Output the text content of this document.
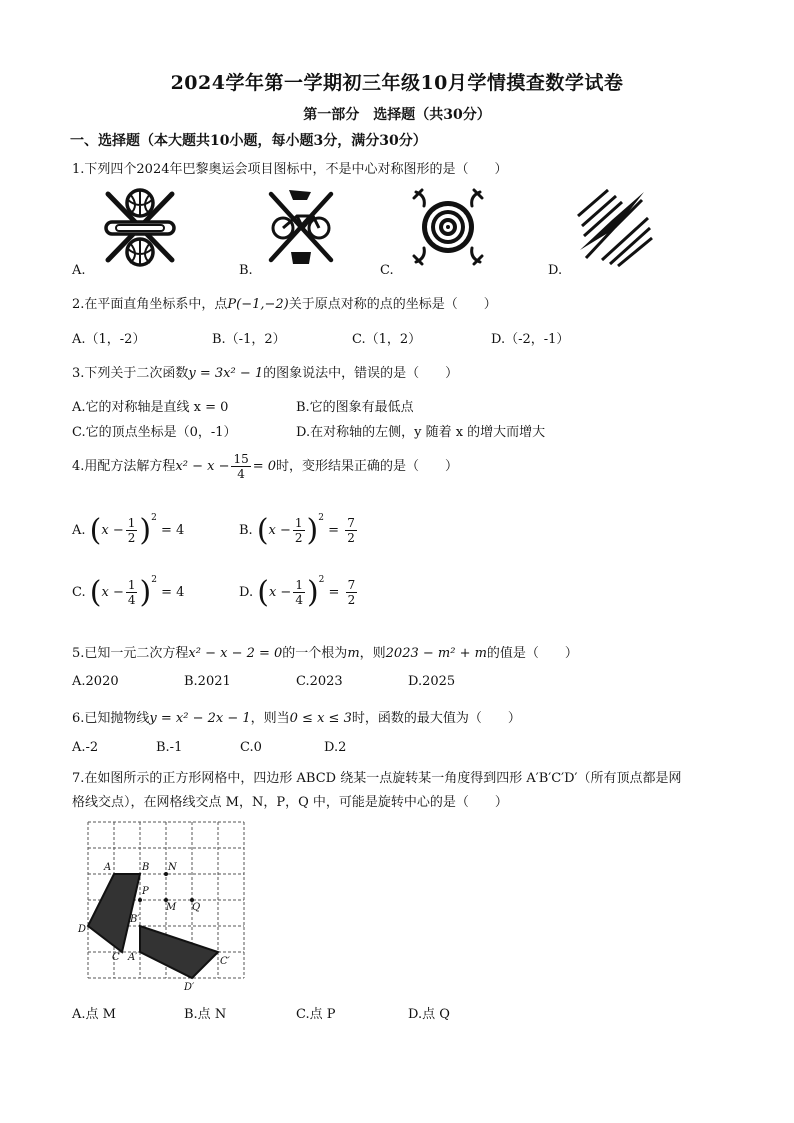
2024学年第一学期初三年级10月学情摸查数学试卷
第一部分　选择题（共30分）
一、选择题（本大题共10小题，每小题3分，满分30分）
1.下列四个2024年巴黎奥运会项目图标中，不是中心对称图形的是（　　）
A.	B.	C.	D.
2.在平面直角坐标系中，点P(−1,−2)关于原点对称的点的坐标是（　　）
A.（1，-2）	B.（-1，2）	C.（1，2）	D.（-2，-1）
3.下列关于二次函数y = 3x² − 1的图象说法中，错误的是（　　）
A.它的对称轴是直线 x = 0	B.它的图象有最低点
C.它的顶点坐标是（0，-1）	D.在对称轴的左侧，y 随着 x 的增大而增大
4.用配方法解方程$x^2 - x - \frac{15}{4} = 0$时，变形结果正确的是（　　）
A. $(x - \frac{1}{2} )^2 = 4$	B. $(x - \frac{1}{2} )^2 = \frac{7}{2}$
C. $(x - \frac{1}{4} )^2 = 4$	D. $(x - \frac{1}{4} )^2 = \frac{7}{2}$
5.已知一元二次方程x² − x − 2 = 0的一个根为m，则2023 − m² + m的值是（　　）
A.2020	B.2021	C.2023	D.2025
6.已知抛物线y = x² − 2x − 1，则当0 ≤ x ≤ 3时，函数的最大值为（　　）
A.-2	B.-1	C.0	D.2
7.在如图所示的正方形网格中，四边形 ABCD 绕某一点旋转某一角度得到四形 A′B′C′D′（所有顶点都是网
格线交点），在网格线交点 M，N，P，Q 中，可能是旋转中心的是（　　）
A	B N
P
M Q
B′
D
C A′	C′
D′
A.点 M	B.点 N	C.点 P	D.点 Q
